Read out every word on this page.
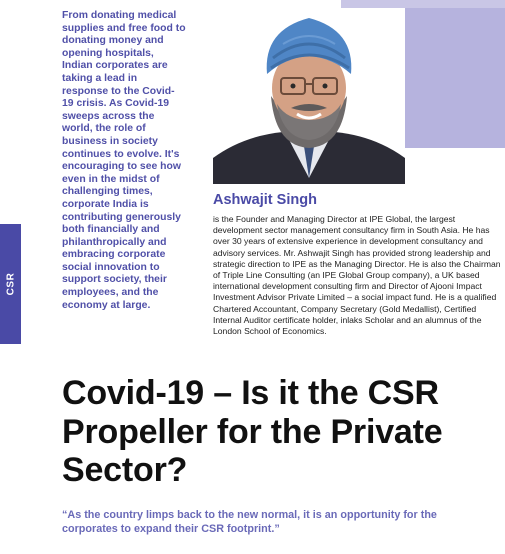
From donating medical supplies and free food to donating money and opening hospitals, Indian corporates are taking a lead in response to the Covid-19 crisis. As Covid-19 sweeps across the world, the role of business in society continues to evolve. It's encouraging to see how even in the midst of challenging times, corporate India is contributing generously both financially and philanthropically and embracing corporate social innovation to support society, their employees, and the economy at large.

CSR
Ashwajit Singh

is the Founder and Managing Director at IPE Global, the largest development sector management consultancy firm in South Asia. He has over 30 years of extensive experience in development consultancy and advisory services. Mr. Ashwajit Singh has provided strong leadership and strategic direction to IPE as the Managing Director. He is also the Chairman of Triple Line Consulting (an IPE Global Group company), a UK based international development consulting firm and Director of Ajooni Impact Investment Advisor Private Limited – a social impact fund. He is a qualified Chartered Accountant, Company Secretary (Gold Medallist), Certified Internal Auditor certificate holder, inlaks Scholar and an alumnus of the London School of Economics.

Covid-19 – Is it the CSR Propeller for the Private Sector?

“As the country limps back to the new normal, it is an opportunity for the corporates to expand their CSR footprint.”
